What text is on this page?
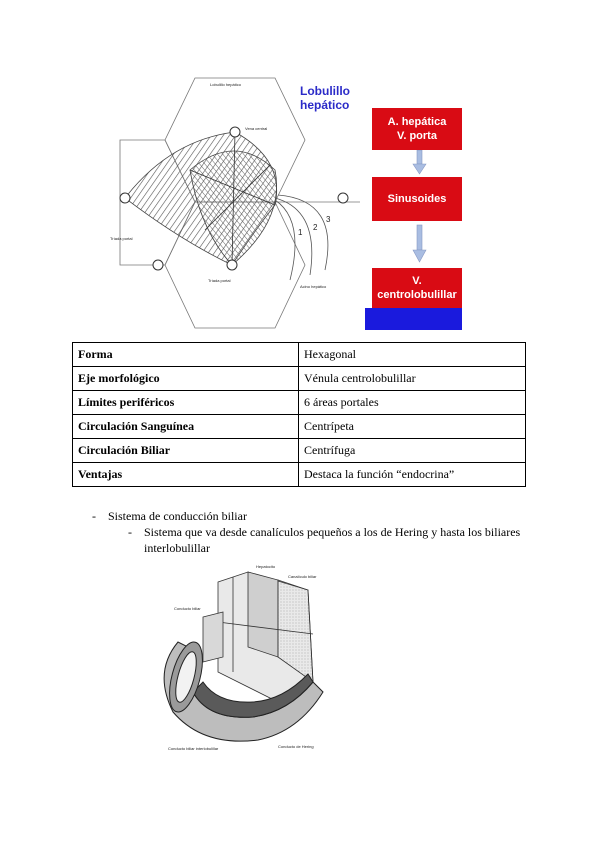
1
2
3
Lobulillo hepático
Vena central
Tríada portal
Tríada portal
Acino hepático
Lobulillo hepático
A. hepática
V. porta
Sinusoides
V.
centrolobulillar
Forma	Hexagonal
Eje morfológico	Vénula centrolobulillar
Límites periféricos	6 áreas portales
Circulación Sanguínea	Centrípeta
Circulación Biliar	Centrífuga
Ventajas	Destaca la función “endocrina”
- Sistema de conducción biliar
- Sistema que va desde canalículos pequeños a los de Hering y hasta los biliares interlobulillar
Hepatocito
Canalículo biliar
Conducto biliar
Conducto biliar interlobulillar	Conducto de Hering
